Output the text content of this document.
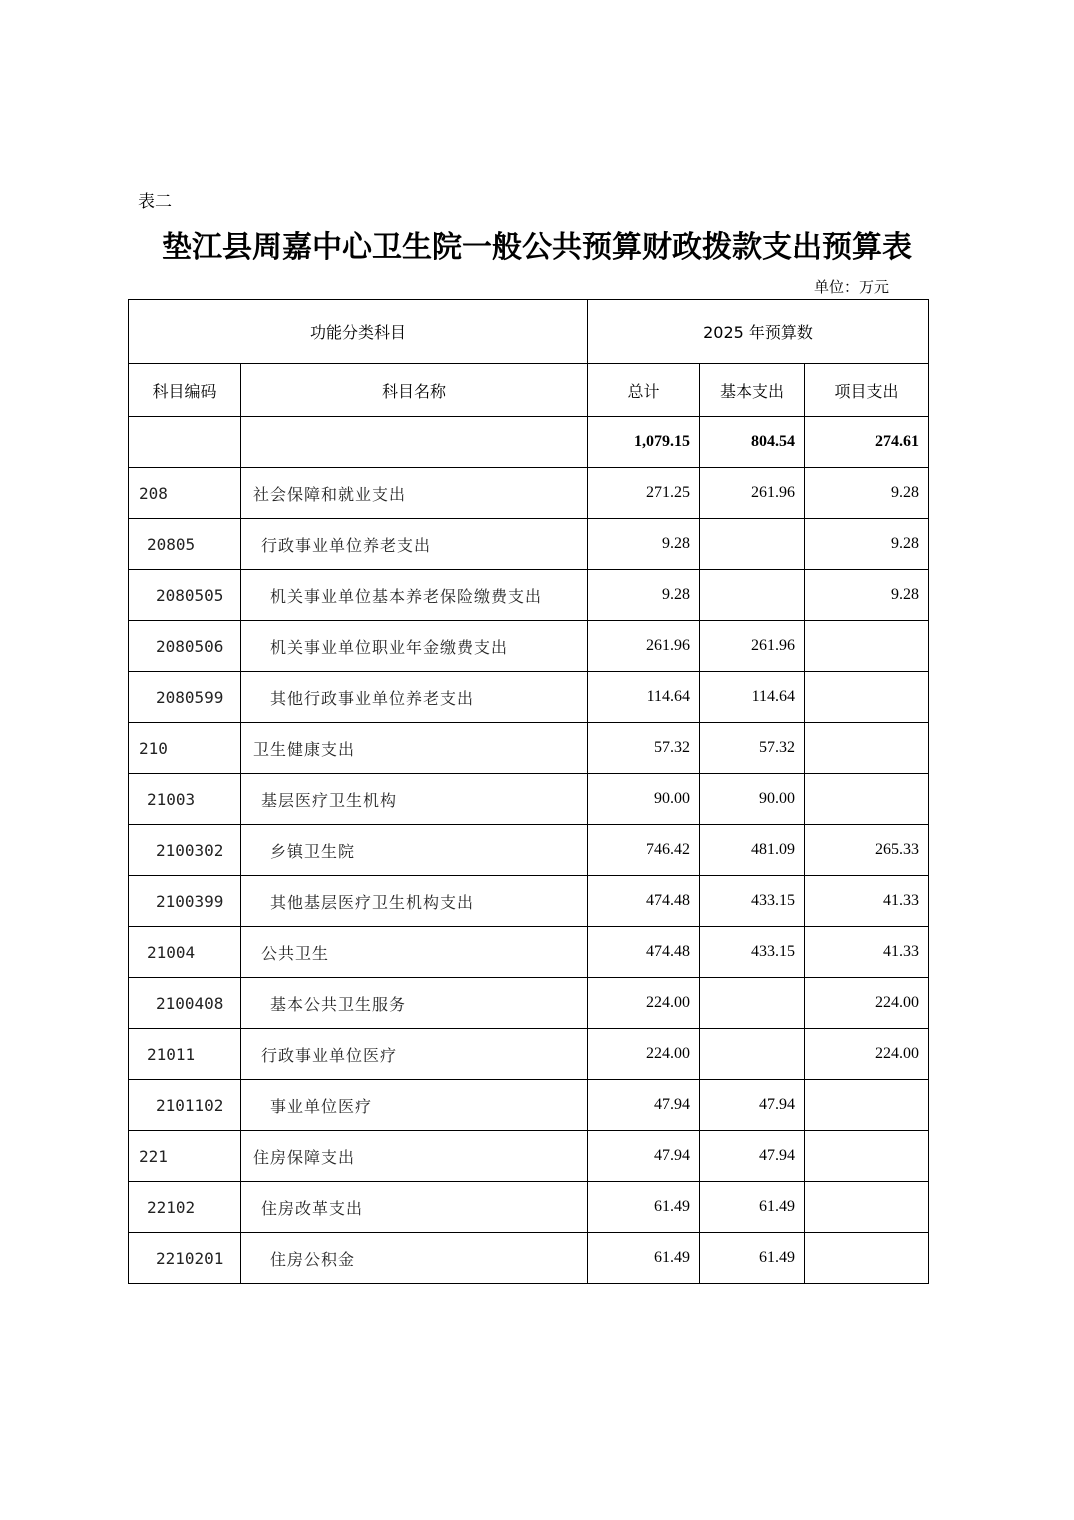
表二
垫江县周嘉中心卫生院一般公共预算财政拨款支出预算表
单位：万元
功能分类科目		2025 年预算数		
科目编码	科目名称	总计	基本支出	项目支出
		1,079.15	804.54	274.61
208	社会保障和就业支出	271.25	261.96	9.28
20805	行政事业单位养老支出	9.28		9.28
2080505	机关事业单位基本养老保险缴费支出	9.28		9.28
2080506	机关事业单位职业年金缴费支出	261.96	261.96	
2080599	其他行政事业单位养老支出	114.64	114.64	
210	卫生健康支出	57.32	57.32	
21003	基层医疗卫生机构	90.00	90.00	
2100302	乡镇卫生院	746.42	481.09	265.33
2100399	其他基层医疗卫生机构支出	474.48	433.15	41.33
21004	公共卫生	474.48	433.15	41.33
2100408	基本公共卫生服务	224.00		224.00
21011	行政事业单位医疗	224.00		224.00
2101102	事业单位医疗	47.94	47.94	
221	住房保障支出	47.94	47.94	
22102	住房改革支出	61.49	61.49	
2210201	住房公积金	61.49	61.49	
